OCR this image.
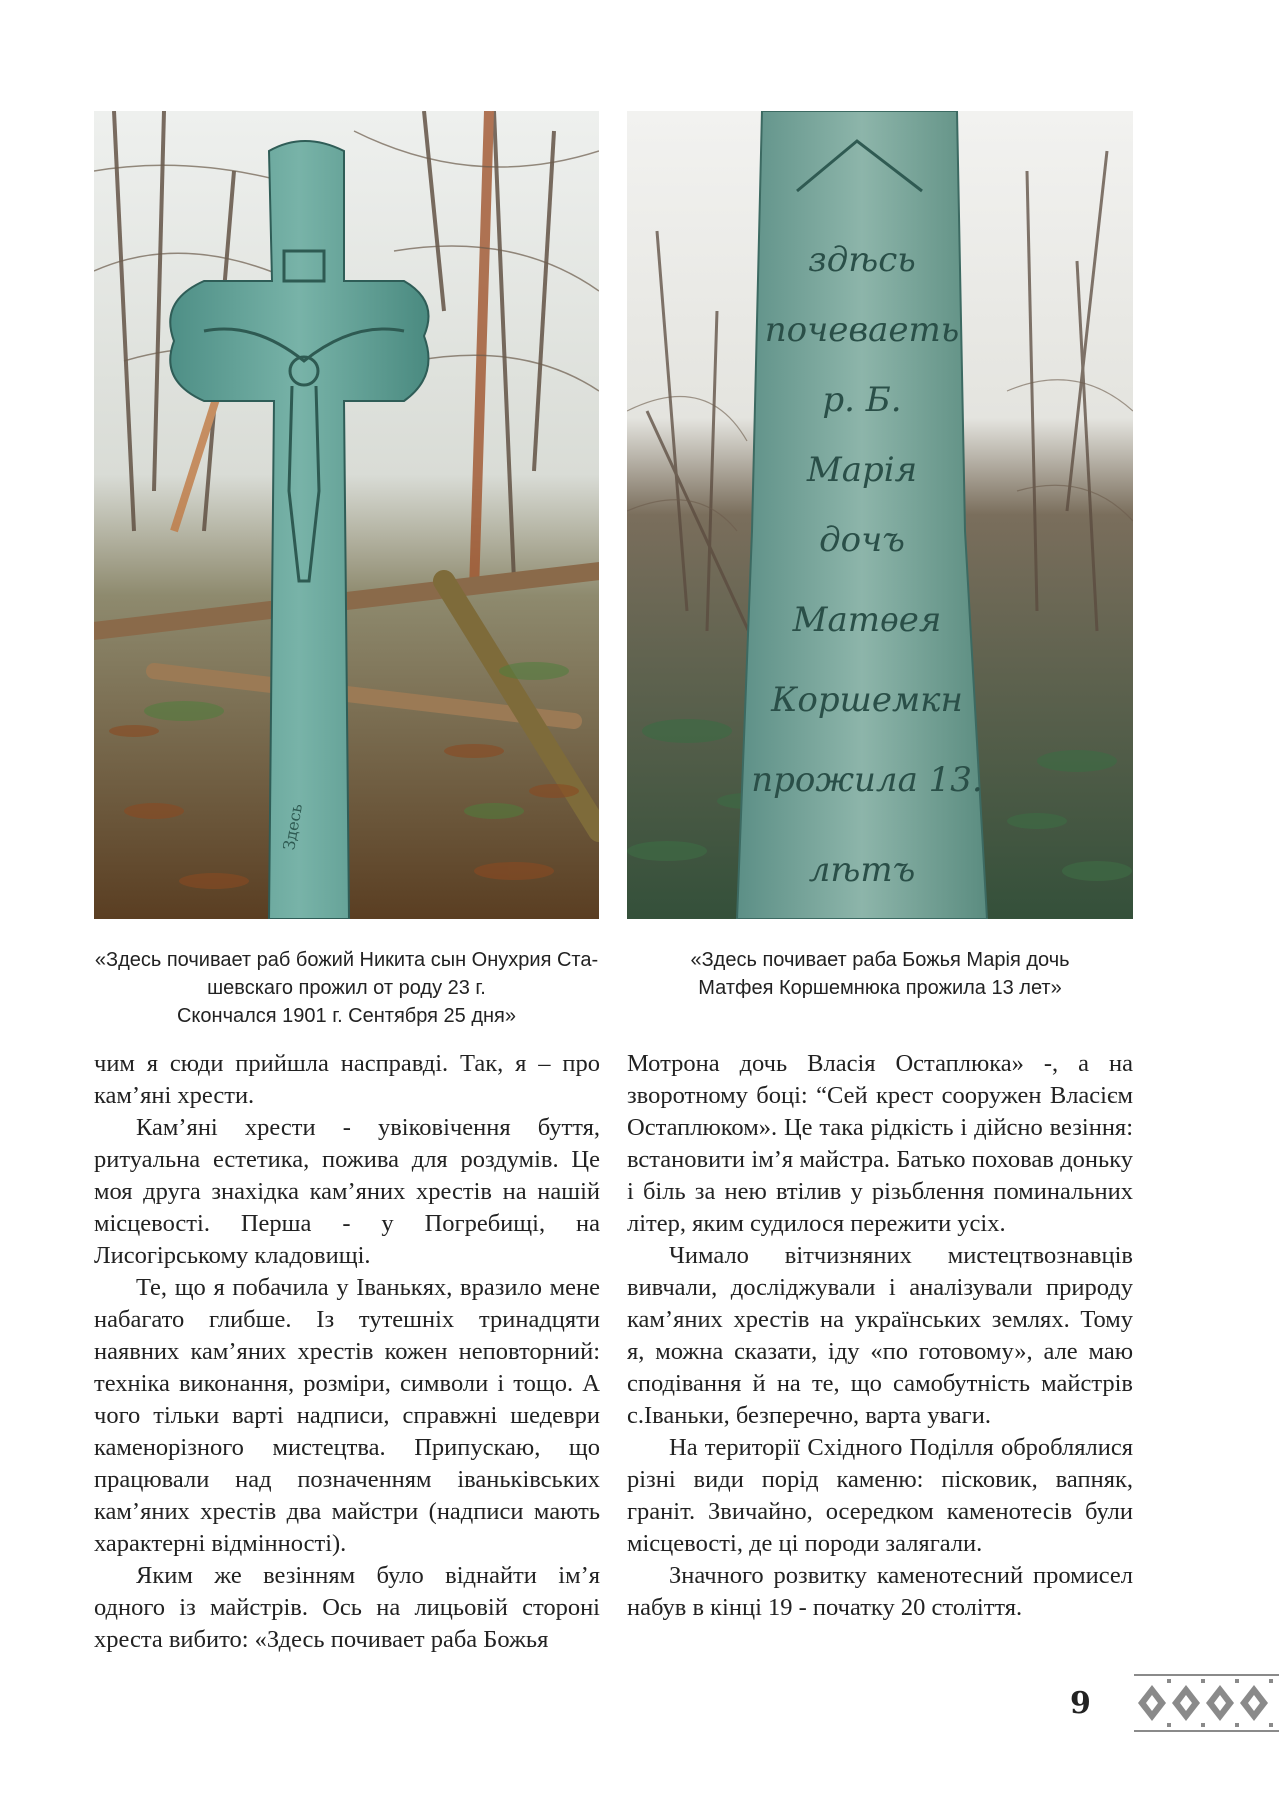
Здесь
здѣсь
почеваеть
р. Б.
Марія
дочъ
Матѳея
Коршемкн
прожила 13.
лѣтъ
«Здесь почивает раб божий Никита сын Онухрия Ста-
шевскаго прожил от роду 23 г.
Скончался 1901 г. Сентября 25 дня»
«Здесь почивает раба Божья Марія дочь
Матфея Коршемнюка прожила 13 лет»

чим я сюди прийшла насправді. Так, я – про кам’яні хрести.

Кам’яні хрести - увіковічення буття, ритуальна естетика, пожива для роздумів. Це моя друга знахідка кам’яних хрестів на нашій місцевості. Перша - у Погребищі, на Лисогірському кладовищі.

Те, що я побачила у Іванькях, вразило мене набагато глибше. Із тутешніх тринадцяти наявних кам’яних хрестів кожен неповторний: техніка виконання, розміри, символи і тощо. А чого тільки варті надписи, справжні шедеври каменорізного мистецтва. Припускаю, що працювали над позначенням іваньківських кам’яних хрестів два майстри (надписи мають характерні відмінності).

Яким же везінням було віднайти ім’я одного із майстрів. Ось на лицьовій стороні хреста вибито: «Здесь почивает раба Божья

Мотрона дочь Власія Остаплюка» -, а на зворотному боці: “Сей крест сооружен Власієм Остаплюком». Це така рідкість і дійсно везіння: встановити ім’я майстра. Батько поховав доньку і біль за нею втілив у різьблення поминальних літер, яким судилося пережити усіх.

Чимало вітчизняних мистецтвознавців вивчали, досліджували і аналізували природу кам’яних хрестів на українських землях. Тому я, можна сказати, іду «по готовому», але маю сподівання й на те, що самобутність майстрів с.Іваньки, безперечно, варта уваги.

На території Східного Поділля оброблялися різні види порід каменю: пісковик, вапняк, граніт. Звичайно, осередком каменотесів були місцевості, де ці породи залягали.

Значного розвитку каменотесний промисел набув в кінці 19 - початку 20 століття.

9
